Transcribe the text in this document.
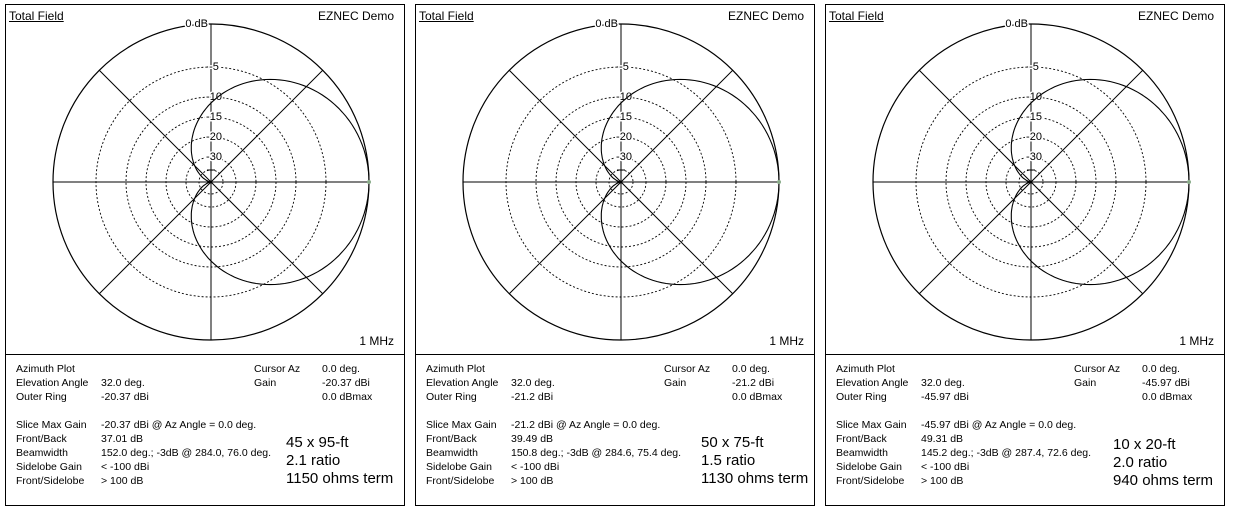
0 dB
-5
-10
-15
-20
-30
Total Field	EZNEC Demo
1 MHz
Azimuth Plot
Elevation Angle 32.0 deg.
Outer Ring	-20.37 dBi
Cursor Az 0.0 deg.
Gain	-20.37 dBi
0.0 dBmax
Slice Max Gain -20.37 dBi @ Az Angle = 0.0 deg.
Front/Back	37.01 dB
Beamwidth	152.0 deg.; -3dB @ 284.0, 76.0 deg.
Sidelobe Gain < -100 dBi
Front/Sidelobe > 100 dB
45 x 95-ft
2.1 ratio
1150 ohms term
0 dB
-5
-10
-15
-20
-30
Total Field	EZNEC Demo
1 MHz
Azimuth Plot
Elevation Angle 32.0 deg.
Outer Ring	-21.2 dBi
Cursor Az 0.0 deg.
Gain	-21.2 dBi
0.0 dBmax
Slice Max Gain -21.2 dBi @ Az Angle = 0.0 deg.
Front/Back	39.49 dB
Beamwidth	150.8 deg.; -3dB @ 284.6, 75.4 deg.
Sidelobe Gain < -100 dBi
Front/Sidelobe > 100 dB
50 x 75-ft
1.5 ratio
1130 ohms term
0 dB
-5
-10
-15
-20
-30
Total Field	EZNEC Demo
1 MHz
Azimuth Plot
Elevation Angle 32.0 deg.
Outer Ring	-45.97 dBi
Cursor Az 0.0 deg.
Gain	-45.97 dBi
0.0 dBmax
Slice Max Gain -45.97 dBi @ Az Angle = 0.0 deg.
Front/Back	49.31 dB
Beamwidth	145.2 deg.; -3dB @ 287.4, 72.6 deg.
Sidelobe Gain < -100 dBi
Front/Sidelobe > 100 dB
10 x 20-ft
2.0 ratio
940 ohms term
